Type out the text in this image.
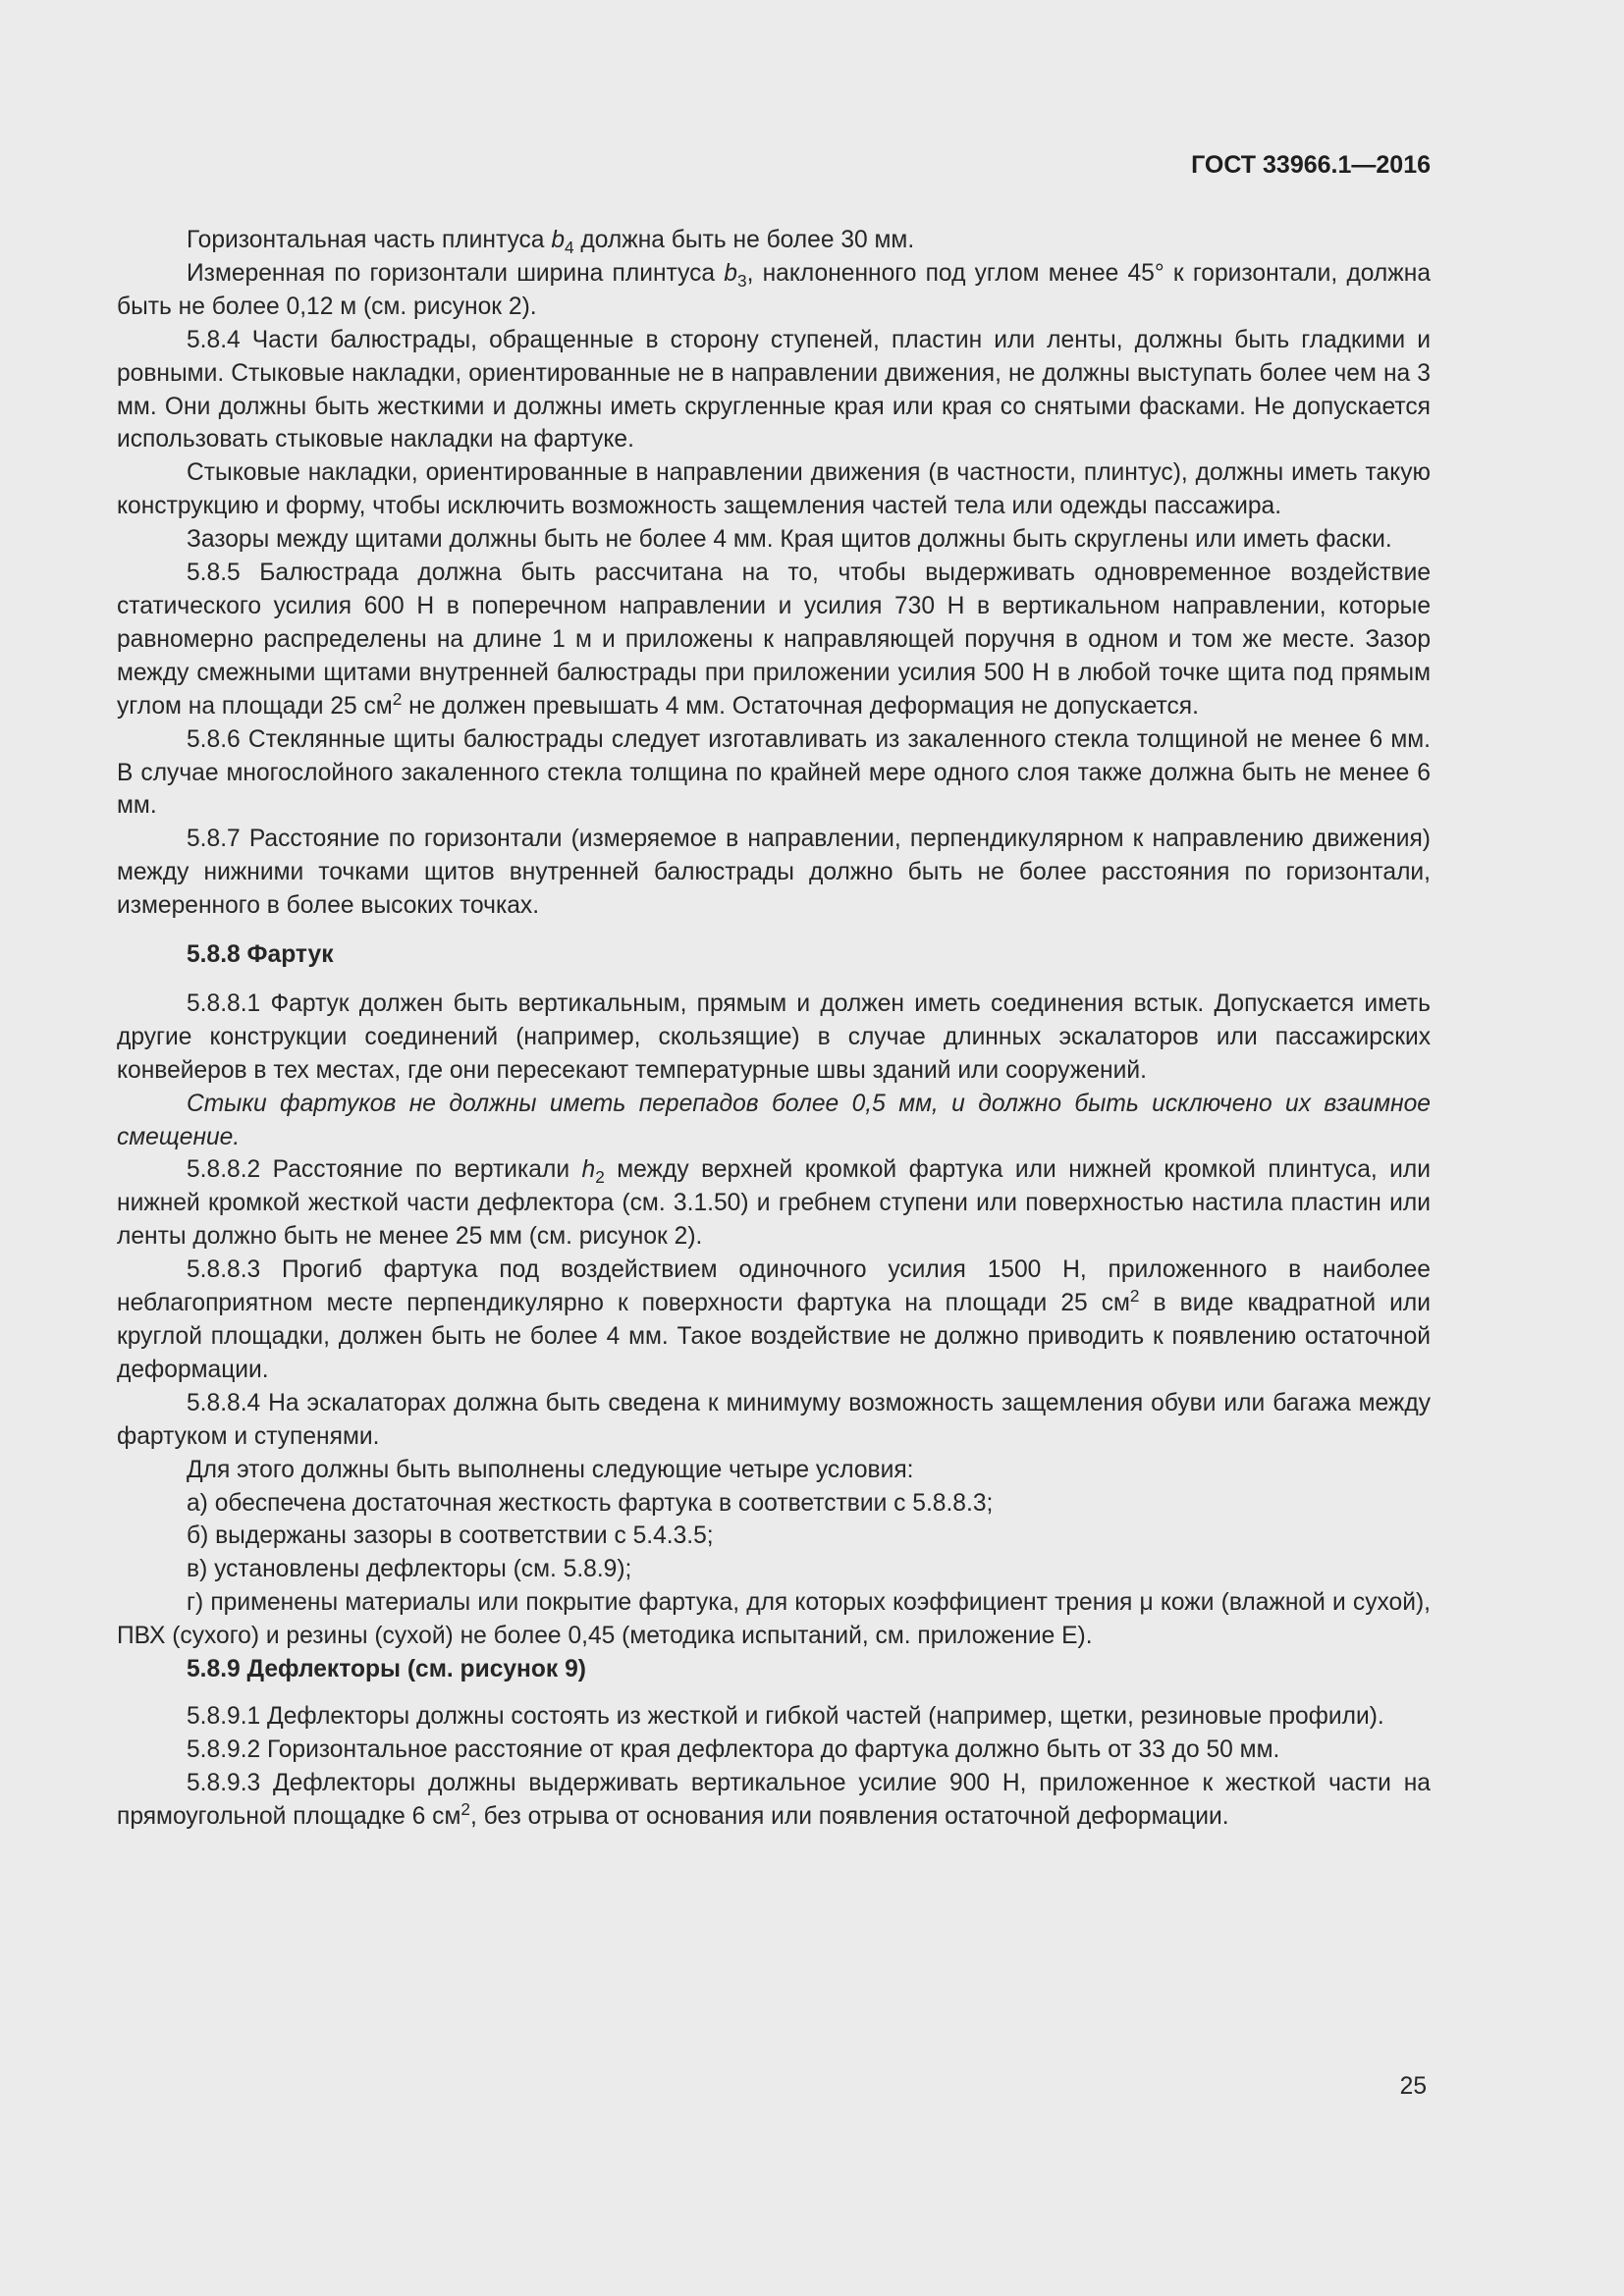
ГОСТ 33966.1—2016

Горизонтальная часть плинтуса $b_4$ должна быть не более 30 мм.

Измеренная по горизонтали ширина плинтуса $b_3$, наклоненного под углом менее 45° к горизонтали, должна быть не более 0,12 м (см. рисунок 2).

5.8.4 Части балюстрады, обращенные в сторону ступеней, пластин или ленты, должны быть гладкими и ровными. Стыковые накладки, ориентированные не в направлении движения, не должны выступать более чем на 3 мм. Они должны быть жесткими и должны иметь скругленные края или края со снятыми фасками. Не допускается использовать стыковые накладки на фартуке.

Стыковые накладки, ориентированные в направлении движения (в частности, плинтус), должны иметь такую конструкцию и форму, чтобы исключить возможность защемления частей тела или одежды пассажира.

Зазоры между щитами должны быть не более 4 мм. Края щитов должны быть скруглены или иметь фаски.

5.8.5 Балюстрада должна быть рассчитана на то, чтобы выдерживать одновременное воздействие статического усилия 600 Н в поперечном направлении и усилия 730 Н в вертикальном направлении, которые равномерно распределены на длине 1 м и приложены к направляющей поручня в одном и том же месте. Зазор между смежными щитами внутренней балюстрады при приложении усилия 500 Н в любой точке щита под прямым углом на площади 25 $см^2$ не должен превышать 4 мм. Остаточная деформация не допускается.

5.8.6 Стеклянные щиты балюстрады следует изготавливать из закаленного стекла толщиной не менее 6 мм. В случае многослойного закаленного стекла толщина по крайней мере одного слоя также должна быть не менее 6 мм.

5.8.7 Расстояние по горизонтали (измеряемое в направлении, перпендикулярном к направлению движения) между нижними точками щитов внутренней балюстрады должно быть не более расстояния по горизонтали, измеренного в более высоких точках.

5.8.8 Фартук

5.8.8.1 Фартук должен быть вертикальным, прямым и должен иметь соединения встык. Допускается иметь другие конструкции соединений (например, скользящие) в случае длинных эскалаторов или пассажирских конвейеров в тех местах, где они пересекают температурные швы зданий или сооружений.

Стыки фартуков не должны иметь перепадов более 0,5 мм, и должно быть исключено их взаимное смещение.

5.8.8.2 Расстояние по вертикали $h_2$ между верхней кромкой фартука или нижней кромкой плинтуса, или нижней кромкой жесткой части дефлектора (см. 3.1.50) и гребнем ступени или поверхностью настила пластин или ленты должно быть не менее 25 мм (см. рисунок 2).

5.8.8.3 Прогиб фартука под воздействием одиночного усилия 1500 Н, приложенного в наиболее неблагоприятном месте перпендикулярно к поверхности фартука на площади 25 $см^2$ в виде квадратной или круглой площадки, должен быть не более 4 мм. Такое воздействие не должно приводить к появлению остаточной деформации.

5.8.8.4 На эскалаторах должна быть сведена к минимуму возможность защемления обуви или багажа между фартуком и ступенями.

Для этого должны быть выполнены следующие четыре условия:

а) обеспечена достаточная жесткость фартука в соответствии с 5.8.8.3;

б) выдержаны зазоры в соответствии с 5.4.3.5;

в) установлены дефлекторы (см. 5.8.9);

г) применены материалы или покрытие фартука, для которых коэффициент трения μ кожи (влажной и сухой), ПВХ (сухого) и резины (сухой) не более 0,45 (методика испытаний, см. приложение Е).

5.8.9 Дефлекторы (см. рисунок 9)

5.8.9.1 Дефлекторы должны состоять из жесткой и гибкой частей (например, щетки, резиновые профили).

5.8.9.2 Горизонтальное расстояние от края дефлектора до фартука должно быть от 33 до 50 мм.

5.8.9.3 Дефлекторы должны выдерживать вертикальное усилие 900 Н, приложенное к жесткой части на прямоугольной площадке 6 $см^2$, без отрыва от основания или появления остаточной деформации.

25
